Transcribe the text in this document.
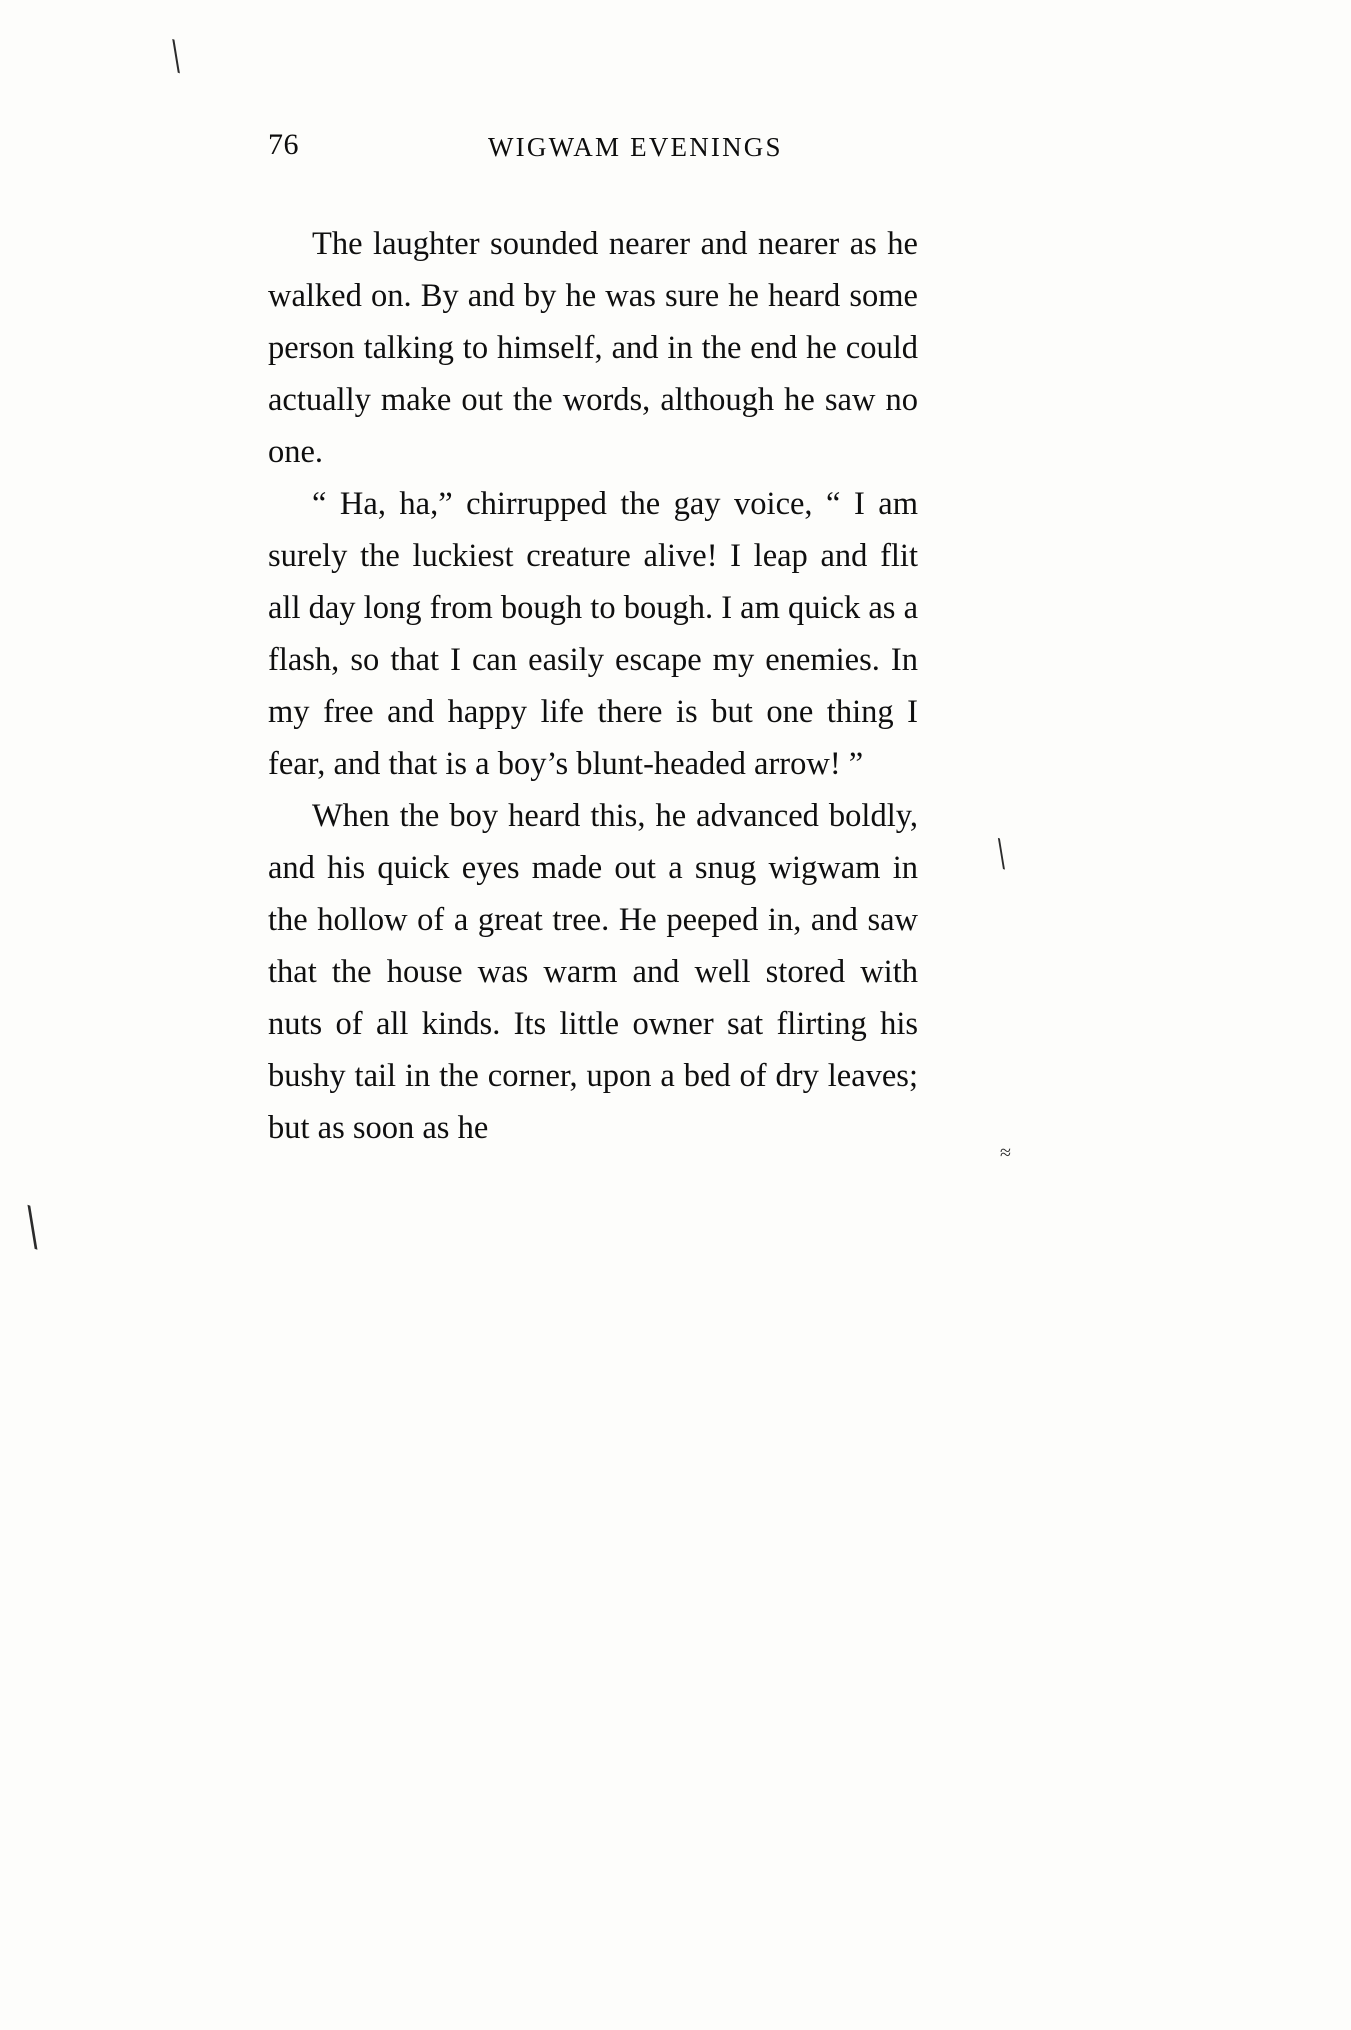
76	WIGWAM EVENINGS

The laughter sounded nearer and nearer as he walked on. By and by he was sure he heard some person talking to himself, and in the end he could actually make out the words, although he saw no one.

“ Ha, ha,” chirrupped the gay voice, “ I am surely the luckiest creature alive! I leap and flit all day long from bough to bough. I am quick as a flash, so that I can easily escape my enemies. In my free and happy life there is but one thing I fear, and that is a boy’s blunt-headed arrow! ”

When the boy heard this, he advanced boldly, and his quick eyes made out a snug wigwam in the hollow of a great tree. He peeped in, and saw that the house was warm and well stored with nuts of all kinds. Its little owner sat flirting his bushy tail in the corner, upon a bed of dry leaves; but as soon as he

╲
╲
╲
≈
